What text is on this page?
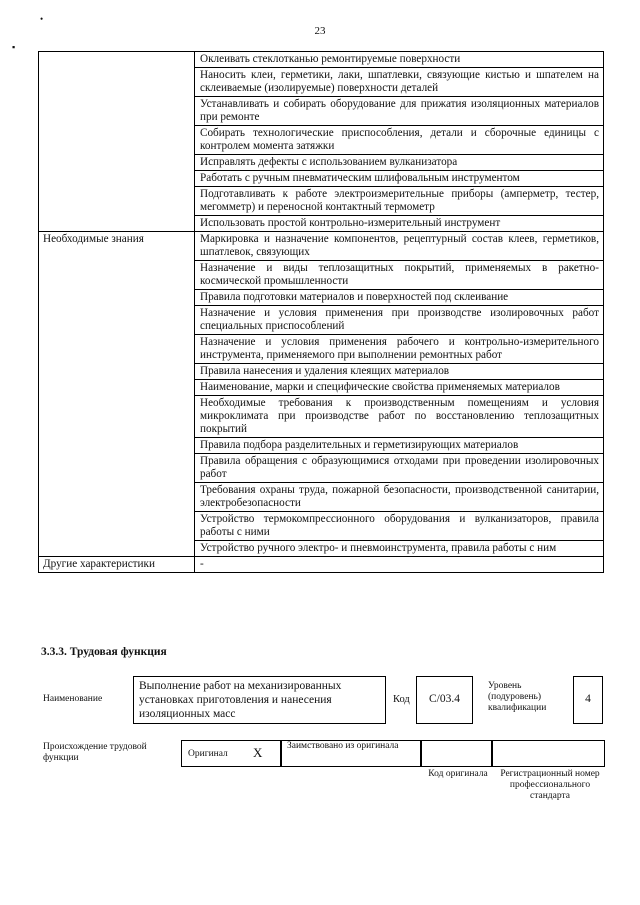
23
•
▪
	Оклеивать стеклотканью ремонтируемые поверхности
	Наносить клеи, герметики, лаки, шпатлевки, связующие кистью и шпателем на склеиваемые (изолируемые) поверхности деталей
	Устанавливать и собирать оборудование для прижатия изоляционных материалов при ремонте
	Собирать технологические приспособления, детали и сборочные единицы с контролем момента затяжки
	Исправлять дефекты с использованием вулканизатора
	Работать с ручным пневматическим шлифовальным инструментом
	Подготавливать к работе электроизмерительные приборы (амперметр, тестер, мегомметр) и переносной контактный термометр
	Использовать простой контрольно-измерительный инструмент
Необходимые знания	Маркировка и назначение компонентов, рецептурный состав клеев, герметиков, шпатлевок, связующих
	Назначение и виды теплозащитных покрытий, применяемых в ракетно-космической промышленности
	Правила подготовки материалов и поверхностей под склеивание
	Назначение и условия применения при производстве изолировочных работ специальных приспособлений
	Назначение и условия применения рабочего и контрольно-измерительного инструмента, применяемого при выполнении ремонтных работ
	Правила нанесения и удаления клеящих материалов
	Наименование, марки и специфические свойства применяемых материалов
	Необходимые требования к производственным помещениям и условия микроклимата при производстве работ по восстановлению теплозащитных покрытий
	Правила подбора разделительных и герметизирующих материалов
	Правила обращения с образующимися отходами при проведении изолировочных работ
	Требования охраны труда, пожарной безопасности, производственной санитарии, электробезопасности
	Устройство термокомпрессионного оборудования и вулканизаторов, правила работы с ними
	Устройство ручного электро- и пневмоинструмента, правила работы с ним
Другие характеристики	-
3.3.3. Трудовая функция
Наименование
Выполнение работ на механизированных установках приготовления и нанесения изоляционных масс
Код	С/03.4
Уровень (подуровень) квалификации
4
Происхождение трудовой функции	Оригинал X	Заимствовано из оригинала
Код оригинала	Регистрационный номер профессионального стандарта
